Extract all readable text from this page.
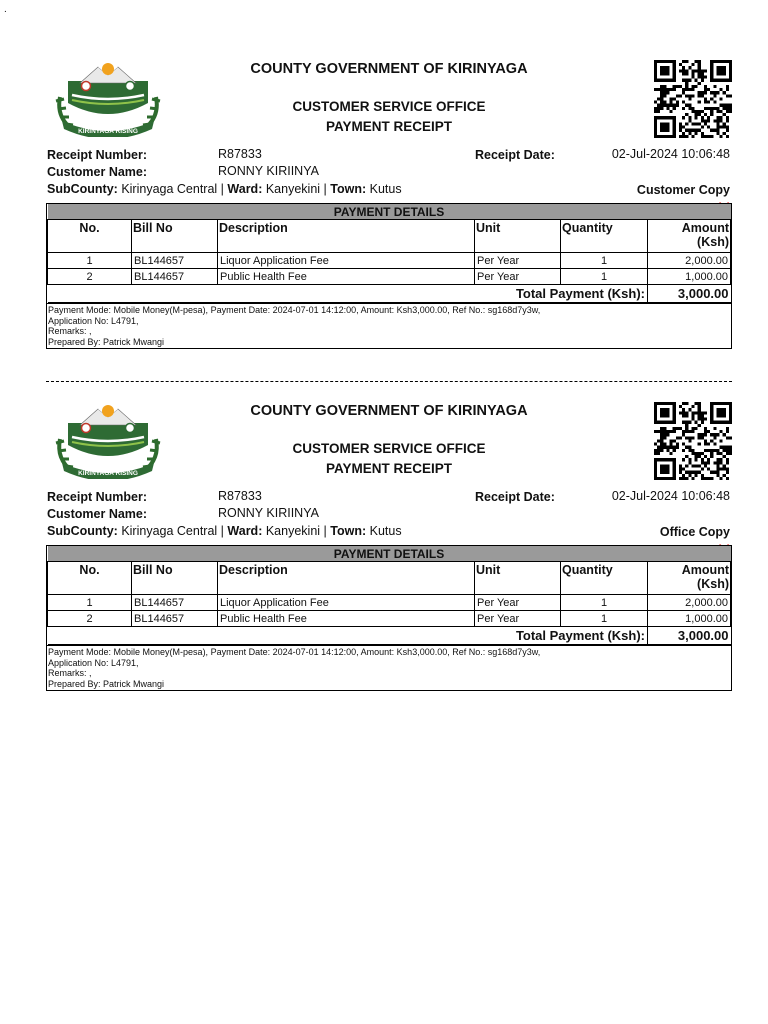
.
KIRINYAGA RISING
COUNTY GOVERNMENT OF KIRINYAGA
CUSTOMER SERVICE OFFICE
PAYMENT RECEIPT
Receipt Number:	R87833	Receipt Date:	02-Jul-2024 10:06:48
Customer Name:	RONNY KIRIINYA
SubCounty: Kirinyaga Central | Ward: Kanyekini | Town: Kutus	Customer Copy
PAYMENT DETAILS					
No.	Bill No	Description	Unit	Quantity	Amount
(Ksh)
1	BL144657	Liquor Application Fee	Per Year	1	2,000.00
2	BL144657	Public Health Fee	Per Year	1	1,000.00
Total Payment (Ksh):					3,000.00
Payment Mode: Mobile Money(M-pesa), Payment Date: 2024-07-01 14:12:00, Amount: Ksh3,000.00, Ref No.: sg168d7y3w,
Application No: L4791,
Remarks: ,
Prepared By: Patrick Mwangi
KIRINYAGA RISING
COUNTY GOVERNMENT OF KIRINYAGA
CUSTOMER SERVICE OFFICE
PAYMENT RECEIPT
Receipt Number:	R87833	Receipt Date:	02-Jul-2024 10:06:48
Customer Name:	RONNY KIRIINYA
SubCounty: Kirinyaga Central | Ward: Kanyekini | Town: Kutus	Office Copy
PAYMENT DETAILS					
No.	Bill No	Description	Unit	Quantity	Amount
(Ksh)
1	BL144657	Liquor Application Fee	Per Year	1	2,000.00
2	BL144657	Public Health Fee	Per Year	1	1,000.00
Total Payment (Ksh):					3,000.00
Payment Mode: Mobile Money(M-pesa), Payment Date: 2024-07-01 14:12:00, Amount: Ksh3,000.00, Ref No.: sg168d7y3w,
Application No: L4791,
Remarks: ,
Prepared By: Patrick Mwangi
